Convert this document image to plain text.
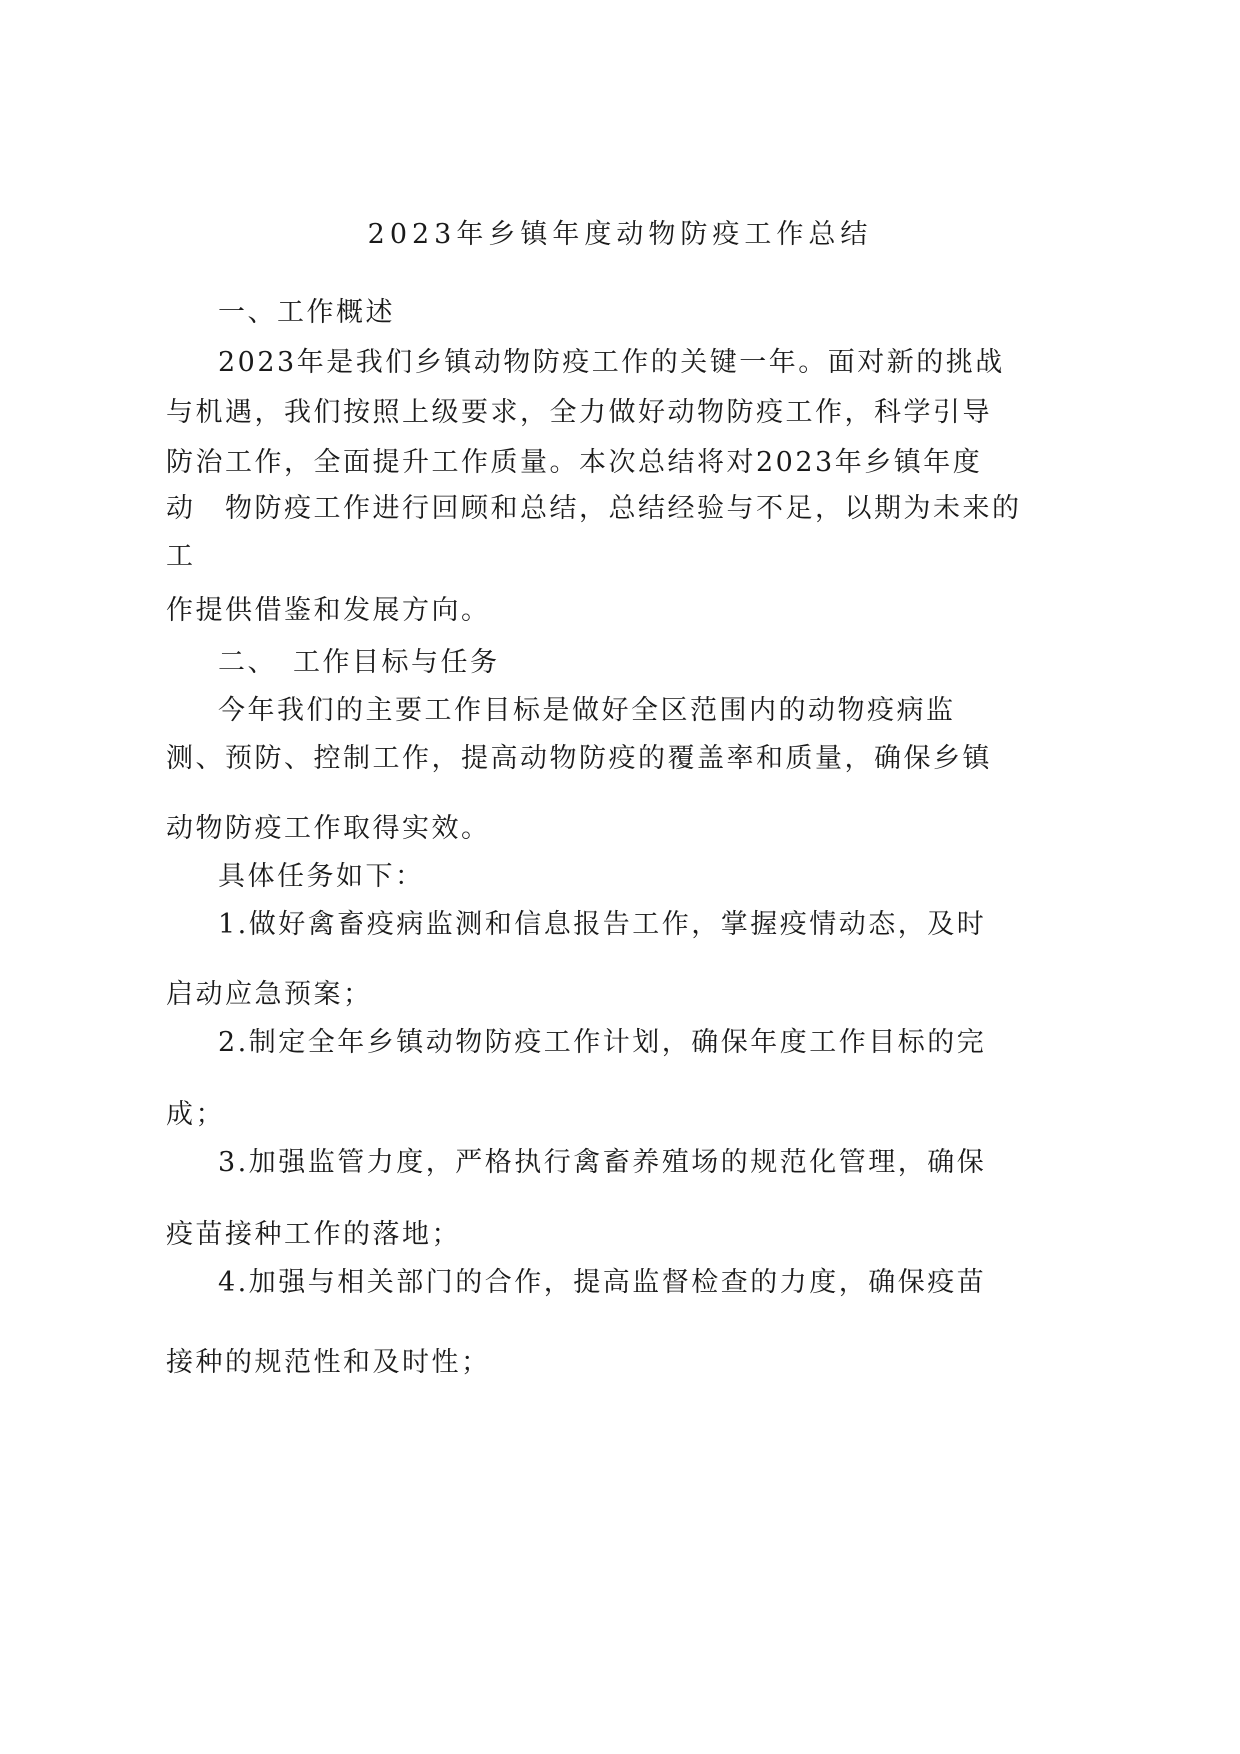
2023年乡镇年度动物防疫工作总结
一、工作概述
2023年是我们乡镇动物防疫工作的关键一年。面对新的挑战
与机遇，我们按照上级要求，全力做好动物防疫工作，科学引导
防治工作，全面提升工作质量。本次总结将对2023年乡镇年度
动　物防疫工作进行回顾和总结，总结经验与不足，以期为未来的
工
作提供借鉴和发展方向。
二、　工作目标与任务
今年我们的主要工作目标是做好全区范围内的动物疫病监
测、预防、控制工作，提高动物防疫的覆盖率和质量，确保乡镇
动物防疫工作取得实效。
具体任务如下：
1.做好禽畜疫病监测和信息报告工作，掌握疫情动态，及时
启动应急预案；
2.制定全年乡镇动物防疫工作计划，确保年度工作目标的完
成；
3.加强监管力度，严格执行禽畜养殖场的规范化管理，确保
疫苗接种工作的落地；
4.加强与相关部门的合作，提高监督检查的力度，确保疫苗
接种的规范性和及时性；
